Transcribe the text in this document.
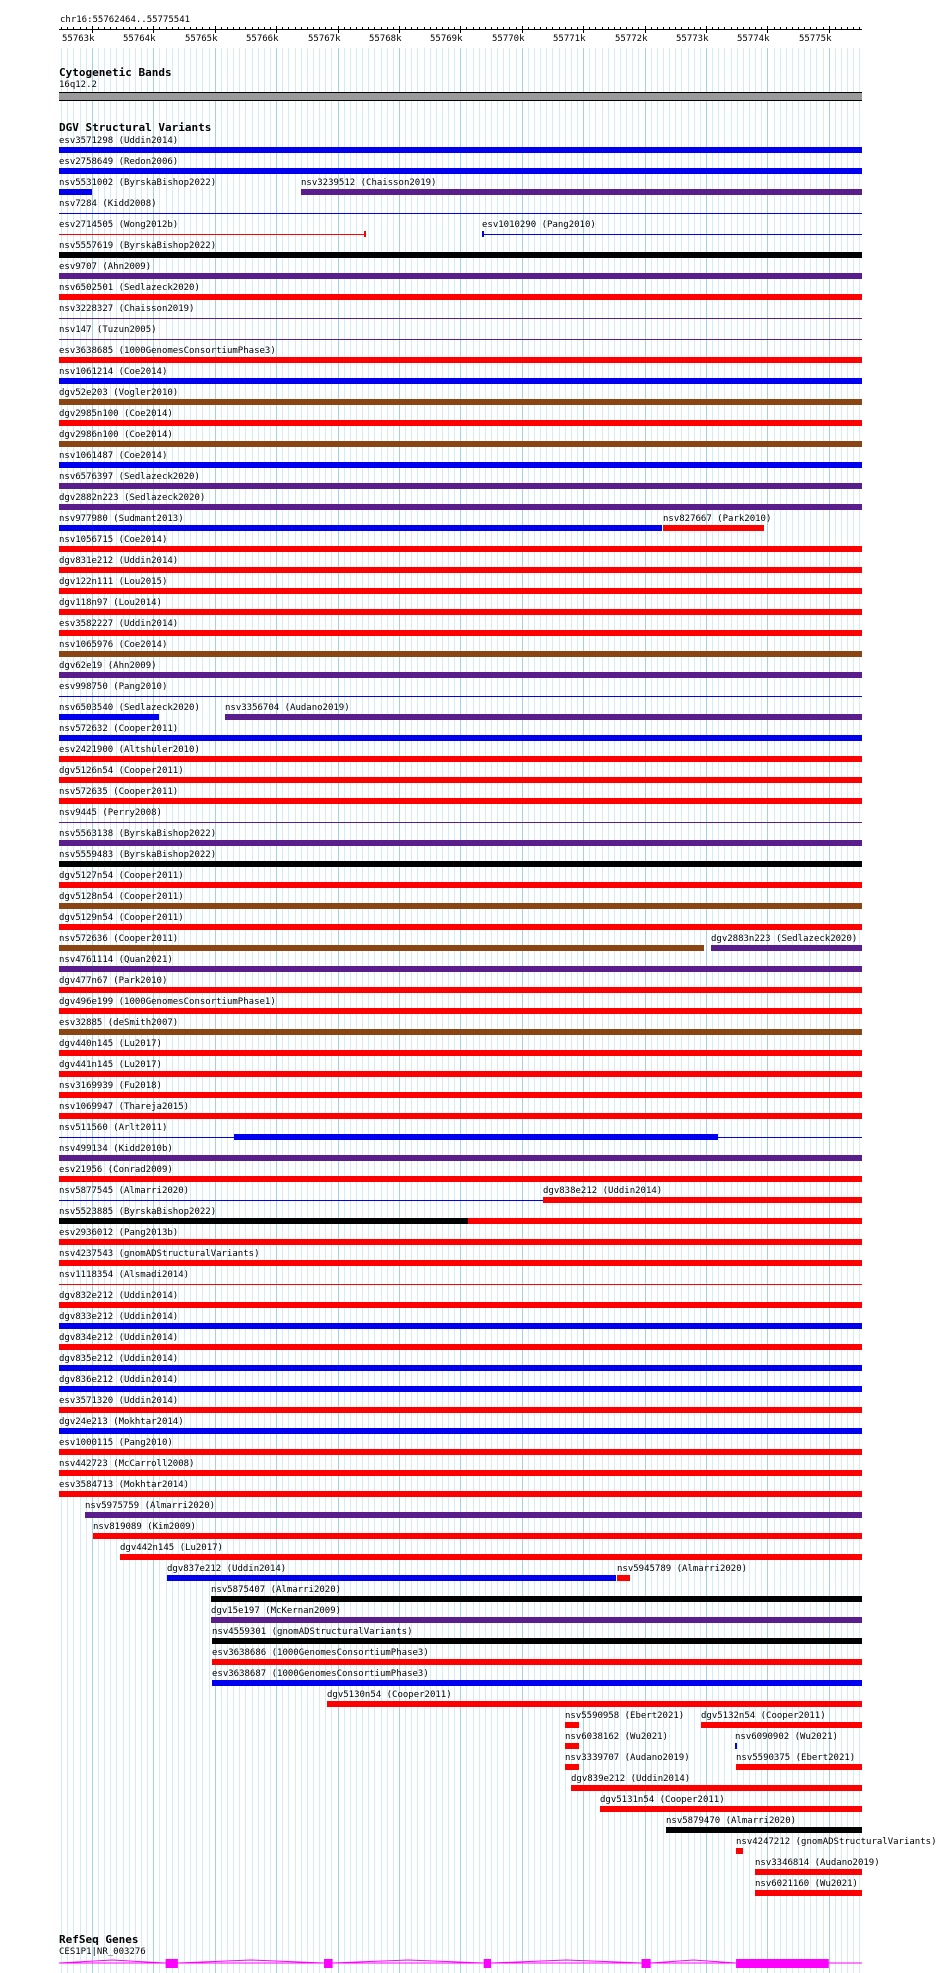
chr16:55762464..55775541
55763k	55764k	55765k	55766k	55767k	55768k	55769k	55770k	55771k	55772k	55773k	55774k	55775k
Cytogenetic Bands
16q12.2
DGV Structural Variants
esv3571298 (Uddin2014)
esv2758649 (Redon2006)
nsv5531002 (ByrskaBishop2022)	nsv3239512 (Chaisson2019)
nsv7284 (Kidd2008)
esv2714505 (Wong2012b)	esv1010290 (Pang2010)
nsv5557619 (ByrskaBishop2022)
esv9707 (Ahn2009)
nsv6502501 (Sedlazeck2020)
nsv3228327 (Chaisson2019)
nsv147 (Tuzun2005)
esv3638685 (1000GenomesConsortiumPhase3)
nsv1061214 (Coe2014)
dgv52e203 (Vogler2010)
dgv2985n100 (Coe2014)
dgv2986n100 (Coe2014)
nsv1061487 (Coe2014)
nsv6576397 (Sedlazeck2020)
dgv2882n223 (Sedlazeck2020)
nsv977980 (Sudmant2013)	nsv827667 (Park2010)
nsv1056715 (Coe2014)
dgv831e212 (Uddin2014)
dgv122n111 (Lou2015)
dgv118n97 (Lou2014)
esv3582227 (Uddin2014)
nsv1065976 (Coe2014)
dgv62e19 (Ahn2009)
esv998750 (Pang2010)
nsv6503540 (Sedlazeck2020)	nsv3356704 (Audano2019)
nsv572632 (Cooper2011)
esv2421900 (Altshuler2010)
dgv5126n54 (Cooper2011)
nsv572635 (Cooper2011)
nsv9445 (Perry2008)
nsv5563138 (ByrskaBishop2022)
nsv5559483 (ByrskaBishop2022)
dgv5127n54 (Cooper2011)
dgv5128n54 (Cooper2011)
dgv5129n54 (Cooper2011)
nsv572636 (Cooper2011)	dgv2883n223 (Sedlazeck2020)
nsv4761114 (Quan2021)
dgv477n67 (Park2010)
dgv496e199 (1000GenomesConsortiumPhase1)
esv32885 (deSmith2007)
dgv440n145 (Lu2017)
dgv441n145 (Lu2017)
nsv3169939 (Fu2018)
nsv1069947 (Thareja2015)
nsv511560 (Arlt2011)
nsv499134 (Kidd2010b)
esv21956 (Conrad2009)
nsv5877545 (Almarri2020)	dgv838e212 (Uddin2014)
nsv5523885 (ByrskaBishop2022)
esv2936012 (Pang2013b)
nsv4237543 (gnomADStructuralVariants)
nsv1118354 (Alsmadi2014)
dgv832e212 (Uddin2014)
dgv833e212 (Uddin2014)
dgv834e212 (Uddin2014)
dgv835e212 (Uddin2014)
dgv836e212 (Uddin2014)
esv3571320 (Uddin2014)
dgv24e213 (Mokhtar2014)
esv1000115 (Pang2010)
nsv442723 (McCarroll2008)
esv3584713 (Mokhtar2014)
nsv5975759 (Almarri2020)
nsv819089 (Kim2009)
dgv442n145 (Lu2017)
dgv837e212 (Uddin2014)	nsv5945789 (Almarri2020)
nsv5875407 (Almarri2020)
dgv15e197 (McKernan2009)
nsv4559301 (gnomADStructuralVariants)
esv3638686 (1000GenomesConsortiumPhase3)
esv3638687 (1000GenomesConsortiumPhase3)
dgv5130n54 (Cooper2011)
nsv5590958 (Ebert2021) dgv5132n54 (Cooper2011)
nsv6038162 (Wu2021)	nsv6090902 (Wu2021)
nsv3339707 (Audano2019)	nsv5590375 (Ebert2021)
dgv839e212 (Uddin2014)
dgv5131n54 (Cooper2011)
nsv5879470 (Almarri2020)
nsv4247212 (gnomADStructuralVariants)
nsv3346814 (Audano2019)
nsv6021160 (Wu2021)
RefSeq Genes
CES1P1|NR_003276
